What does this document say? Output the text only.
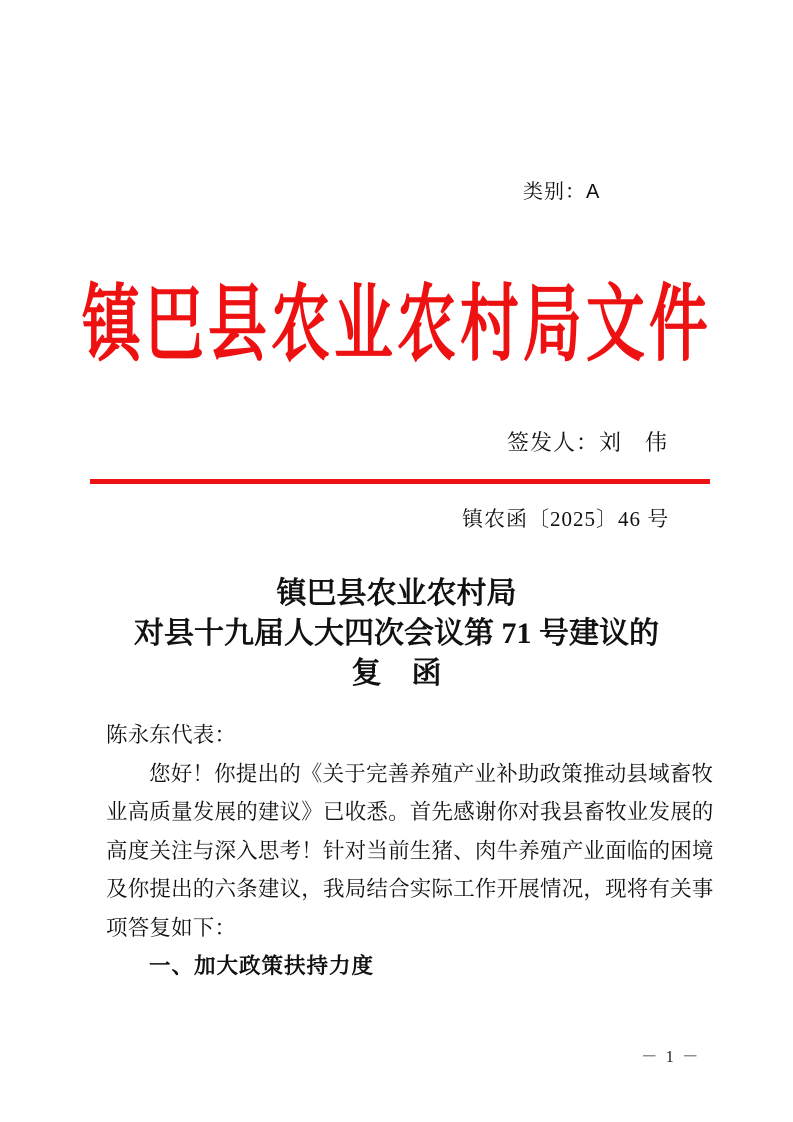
类别：A
镇巴县农业农村局文件
签发人：刘　伟
镇农函〔2025〕46 号
镇巴县农业农村局
对县十九届人大四次会议第 71 号建议的
复　函
陈永东代表：
您好！你提出的《关于完善养殖产业补助政策推动县域畜牧
业高质量发展的建议》已收悉。首先感谢你对我县畜牧业发展的
高度关注与深入思考！针对当前生猪、肉牛养殖产业面临的困境
及你提出的六条建议，我局结合实际工作开展情况，现将有关事
项答复如下：
一、加大政策扶持力度
－ 1 －
